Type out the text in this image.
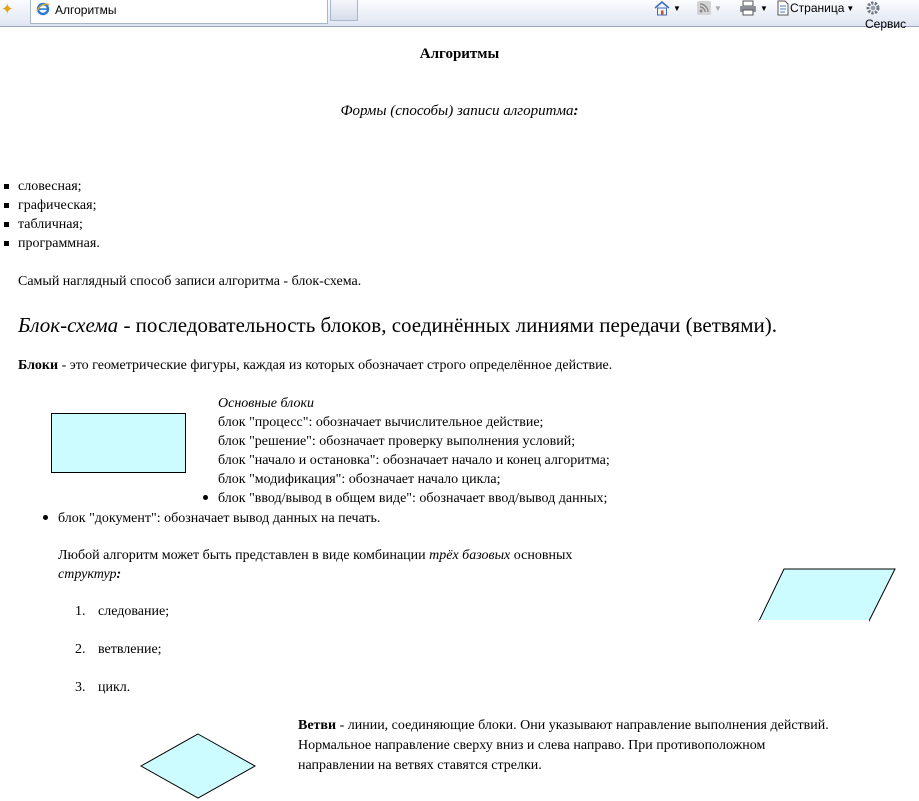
✦	Алгоритмы	▼	▼	▼	Страница ▼
Сервис
Алгоритмы
Формы (способы) записи алгоритма:
словесная;
графическая;
табличная;
программная.
Самый наглядный способ записи алгоритма - блок-схема.
Блок-схема - последовательность блоков, соединённых линиями передачи (ветвями).
Блоки - это геометрические фигуры, каждая из которых обозначает строго определённое действие.
Основные блоки
блок "процесс": обозначает вычислительное действие;
блок "решение": обозначает проверку выполнения условий;
блок "начало и остановка": обозначает начало и конец алгоритма;
блок "модификация": обозначает начало цикла;
блок "ввод/вывод в общем виде": обозначает ввод/вывод данных;
блок "документ": обозначает вывод данных на печать.
Любой алгоритм может быть представлен в виде комбинации трёх базовых основных
структур:
1. следование;
2. ветвление;
3. цикл.
Ветви - линии, соединяющие блоки. Они указывают направление выполнения действий.
Нормальное направление сверху вниз и слева направо. При противоположном
направлении на ветвях ставятся стрелки.
